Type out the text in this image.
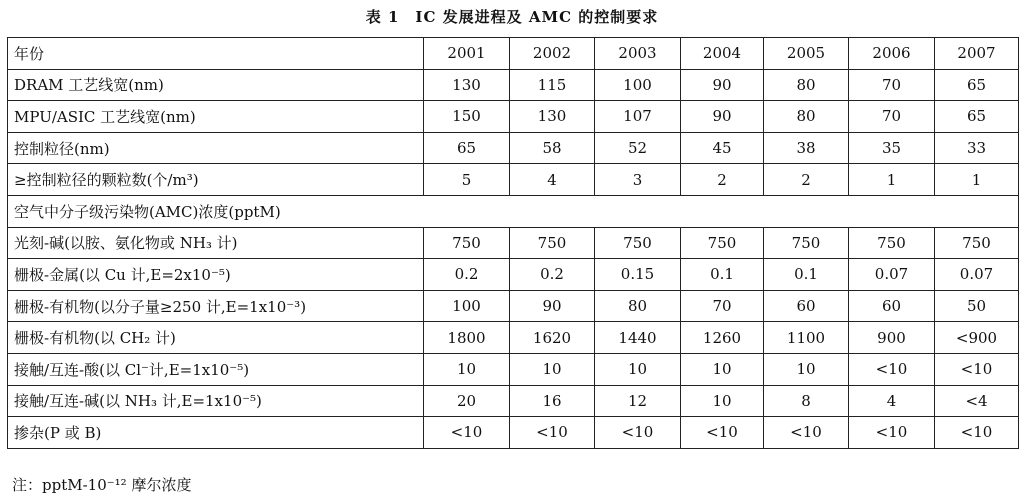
表 1　IC 发展进程及 AMC 的控制要求
年份	2001	2002	2003	2004	2005	2006	2007
DRAM 工艺线宽(nm)	130	115	100	90	80	70	65
MPU/ASIC 工艺线宽(nm)	150	130	107	90	80	70	65
控制粒径(nm)	65	58	52	45	38	35	33
≥控制粒径的颗粒数(个/m³)	5	4	3	2	2	1	1
空气中分子级污染物(AMC)浓度(pptM)							
光刻-碱(以胺、氨化物或 NH₃ 计)	750	750	750	750	750	750	750
栅极-金属(以 Cu 计,E=2x10⁻⁵)	0.2	0.2	0.15	0.1	0.1	0.07	0.07
栅极-有机物(以分子量≥250 计,E=1x10⁻³)	100	90	80	70	60	60	50
栅极-有机物(以 CH₂ 计)	1800	1620	1440	1260	1100	900	<900
接触/互连-酸(以 Cl⁻计,E=1x10⁻⁵)	10	10	10	10	10	<10	<10
接触/互连-碱(以 NH₃ 计,E=1x10⁻⁵)	20	16	12	10	8	4	<4
掺杂(P 或 B)	<10	<10	<10	<10	<10	<10	<10
注：pptM-10⁻¹² 摩尔浓度
